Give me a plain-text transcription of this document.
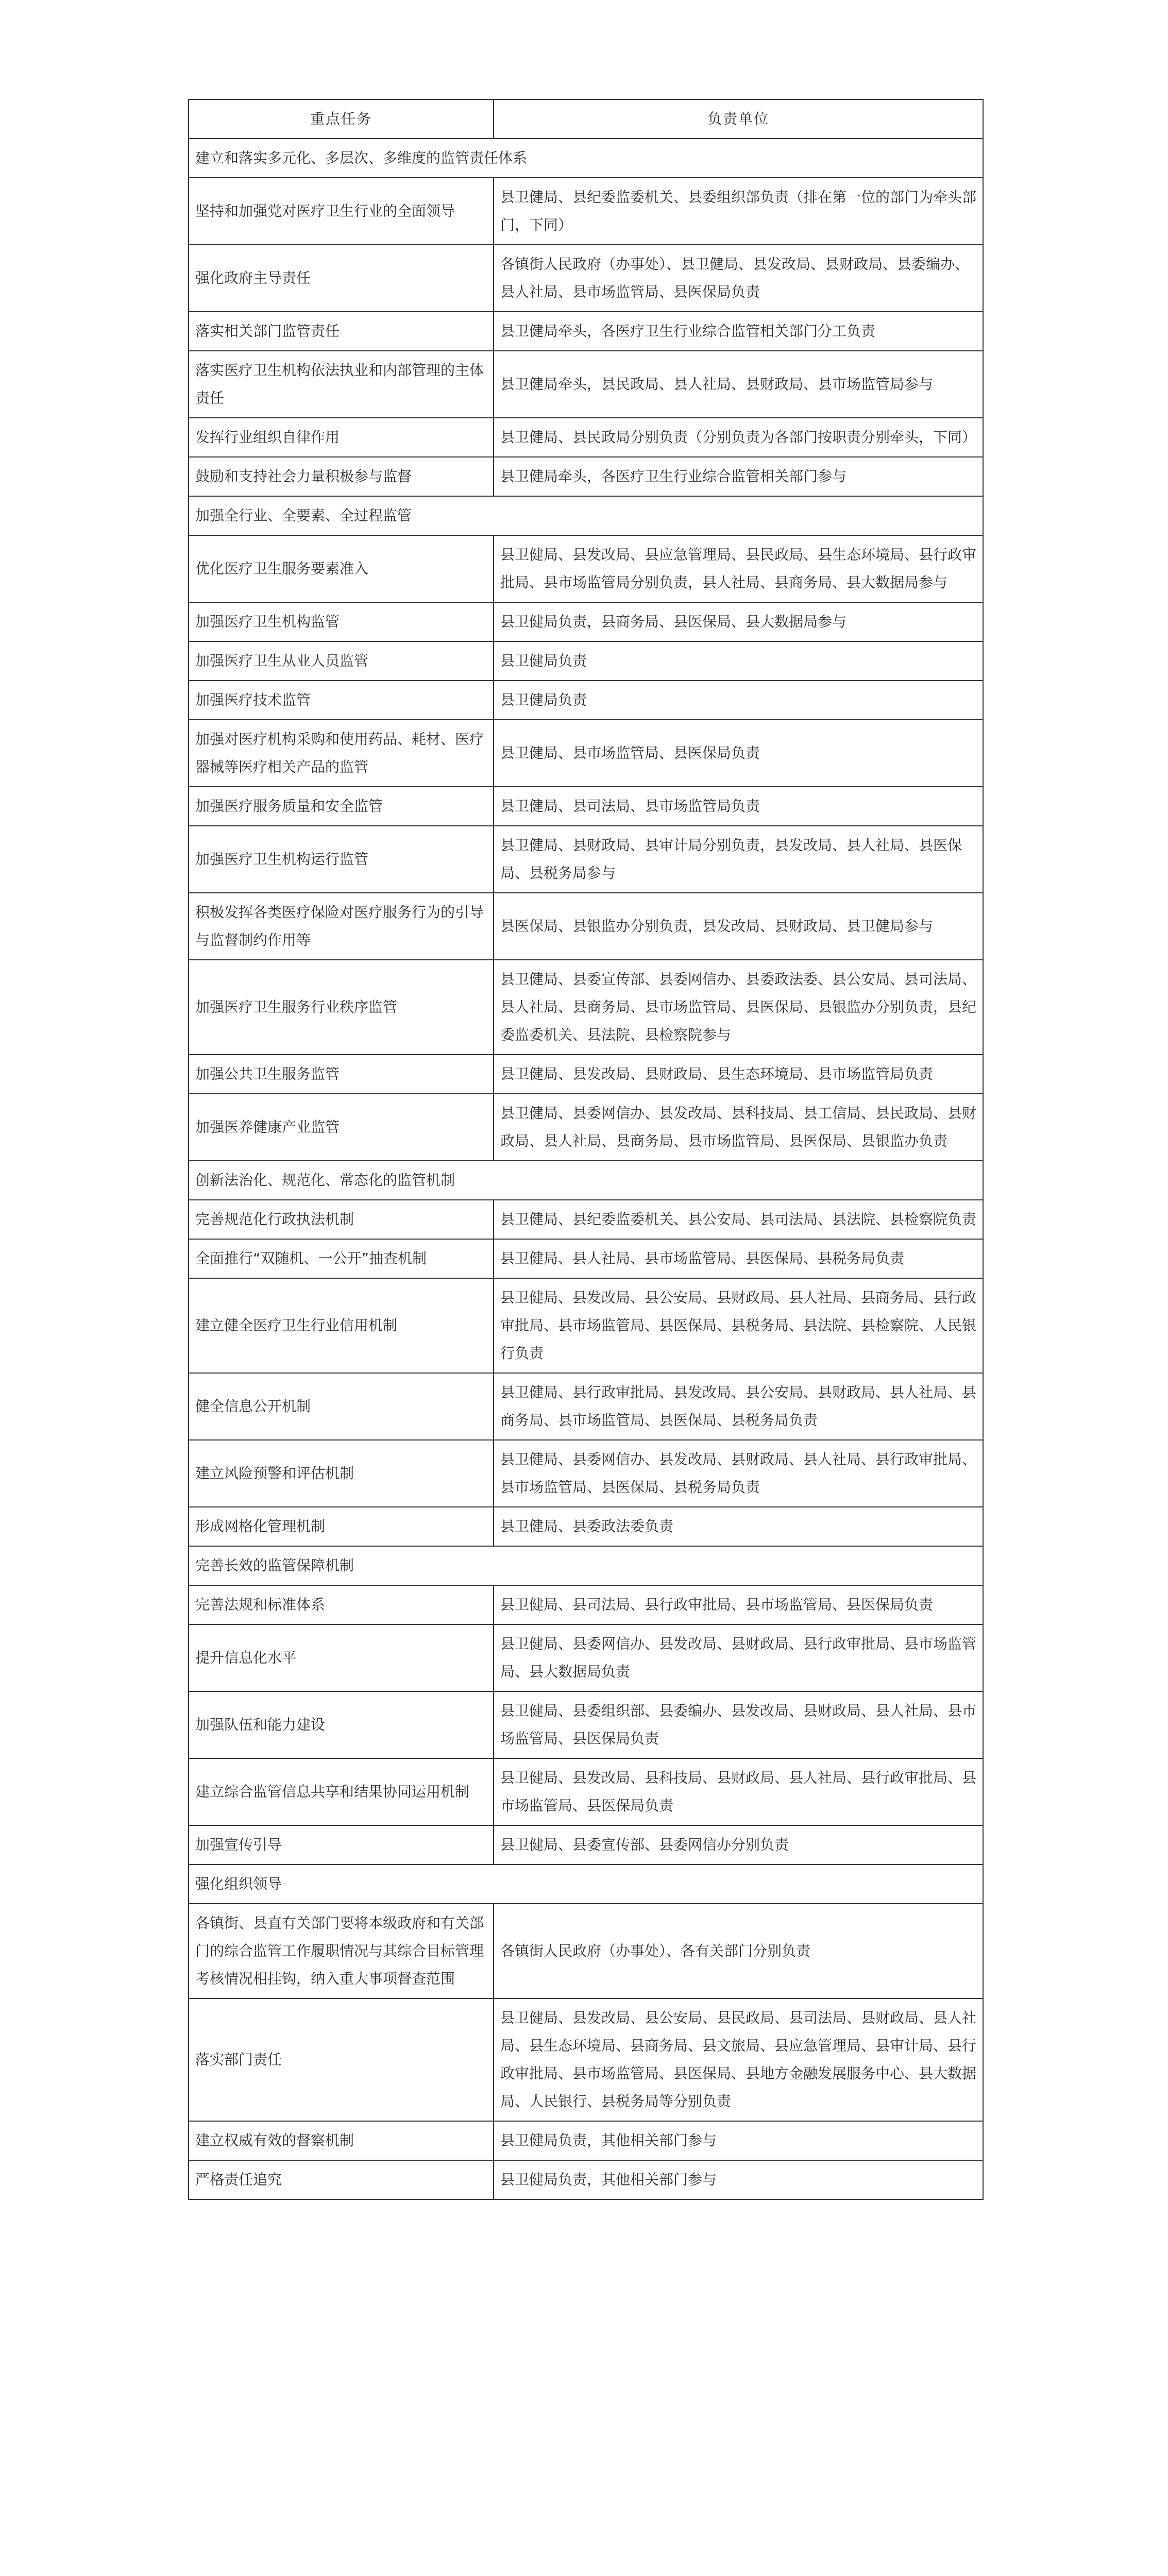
重点任务	负责单位
建立和落实多元化、多层次、多维度的监管责任体系	
坚持和加强党对医疗卫生行业的全面领导	县卫健局、县纪委监委机关、县委组织部负责（排在第一位的部门为牵头部门，下同）
强化政府主导责任	各镇街人民政府（办事处）、县卫健局、县发改局、县财政局、县委编办、县人社局、县市场监管局、县医保局负责
落实相关部门监管责任	县卫健局牵头，各医疗卫生行业综合监管相关部门分工负责
落实医疗卫生机构依法执业和内部管理的主体责任	县卫健局牵头，县民政局、县人社局、县财政局、县市场监管局参与
发挥行业组织自律作用	县卫健局、县民政局分别负责（分别负责为各部门按职责分别牵头，下同）
鼓励和支持社会力量积极参与监督	县卫健局牵头，各医疗卫生行业综合监管相关部门参与
加强全行业、全要素、全过程监管	
优化医疗卫生服务要素准入	县卫健局、县发改局、县应急管理局、县民政局、县生态环境局、县行政审批局、县市场监管局分别负责，县人社局、县商务局、县大数据局参与
加强医疗卫生机构监管	县卫健局负责，县商务局、县医保局、县大数据局参与
加强医疗卫生从业人员监管	县卫健局负责
加强医疗技术监管	县卫健局负责
加强对医疗机构采购和使用药品、耗材、医疗器械等医疗相关产品的监管	县卫健局、县市场监管局、县医保局负责
加强医疗服务质量和安全监管	县卫健局、县司法局、县市场监管局负责
加强医疗卫生机构运行监管	县卫健局、县财政局、县审计局分别负责，县发改局、县人社局、县医保局、县税务局参与
积极发挥各类医疗保险对医疗服务行为的引导与监督制约作用等	县医保局、县银监办分别负责，县发改局、县财政局、县卫健局参与
加强医疗卫生服务行业秩序监管	县卫健局、县委宣传部、县委网信办、县委政法委、县公安局、县司法局、县人社局、县商务局、县市场监管局、县医保局、县银监办分别负责，县纪委监委机关、县法院、县检察院参与
加强公共卫生服务监管	县卫健局、县发改局、县财政局、县生态环境局、县市场监管局负责
加强医养健康产业监管	县卫健局、县委网信办、县发改局、县科技局、县工信局、县民政局、县财政局、县人社局、县商务局、县市场监管局、县医保局、县银监办负责
创新法治化、规范化、常态化的监管机制	
完善规范化行政执法机制	县卫健局、县纪委监委机关、县公安局、县司法局、县法院、县检察院负责
全面推行“双随机、一公开”抽查机制	县卫健局、县人社局、县市场监管局、县医保局、县税务局负责
建立健全医疗卫生行业信用机制	县卫健局、县发改局、县公安局、县财政局、县人社局、县商务局、县行政审批局、县市场监管局、县医保局、县税务局、县法院、县检察院、人民银行负责
健全信息公开机制	县卫健局、县行政审批局、县发改局、县公安局、县财政局、县人社局、县商务局、县市场监管局、县医保局、县税务局负责
建立风险预警和评估机制	县卫健局、县委网信办、县发改局、县财政局、县人社局、县行政审批局、县市场监管局、县医保局、县税务局负责
形成网格化管理机制	县卫健局、县委政法委负责
完善长效的监管保障机制	
完善法规和标准体系	县卫健局、县司法局、县行政审批局、县市场监管局、县医保局负责
提升信息化水平	县卫健局、县委网信办、县发改局、县财政局、县行政审批局、县市场监管局、县大数据局负责
加强队伍和能力建设	县卫健局、县委组织部、县委编办、县发改局、县财政局、县人社局、县市场监管局、县医保局负责
建立综合监管信息共享和结果协同运用机制	县卫健局、县发改局、县科技局、县财政局、县人社局、县行政审批局、县市场监管局、县医保局负责
加强宣传引导	县卫健局、县委宣传部、县委网信办分别负责
强化组织领导	
各镇街、县直有关部门要将本级政府和有关部门的综合监管工作履职情况与其综合目标管理考核情况相挂钩，纳入重大事项督查范围	各镇街人民政府（办事处）、各有关部门分别负责
落实部门责任	县卫健局、县发改局、县公安局、县民政局、县司法局、县财政局、县人社局、县生态环境局、县商务局、县文旅局、县应急管理局、县审计局、县行政审批局、县市场监管局、县医保局、县地方金融发展服务中心、县大数据局、人民银行、县税务局等分别负责
建立权威有效的督察机制	县卫健局负责，其他相关部门参与
严格责任追究	县卫健局负责，其他相关部门参与
